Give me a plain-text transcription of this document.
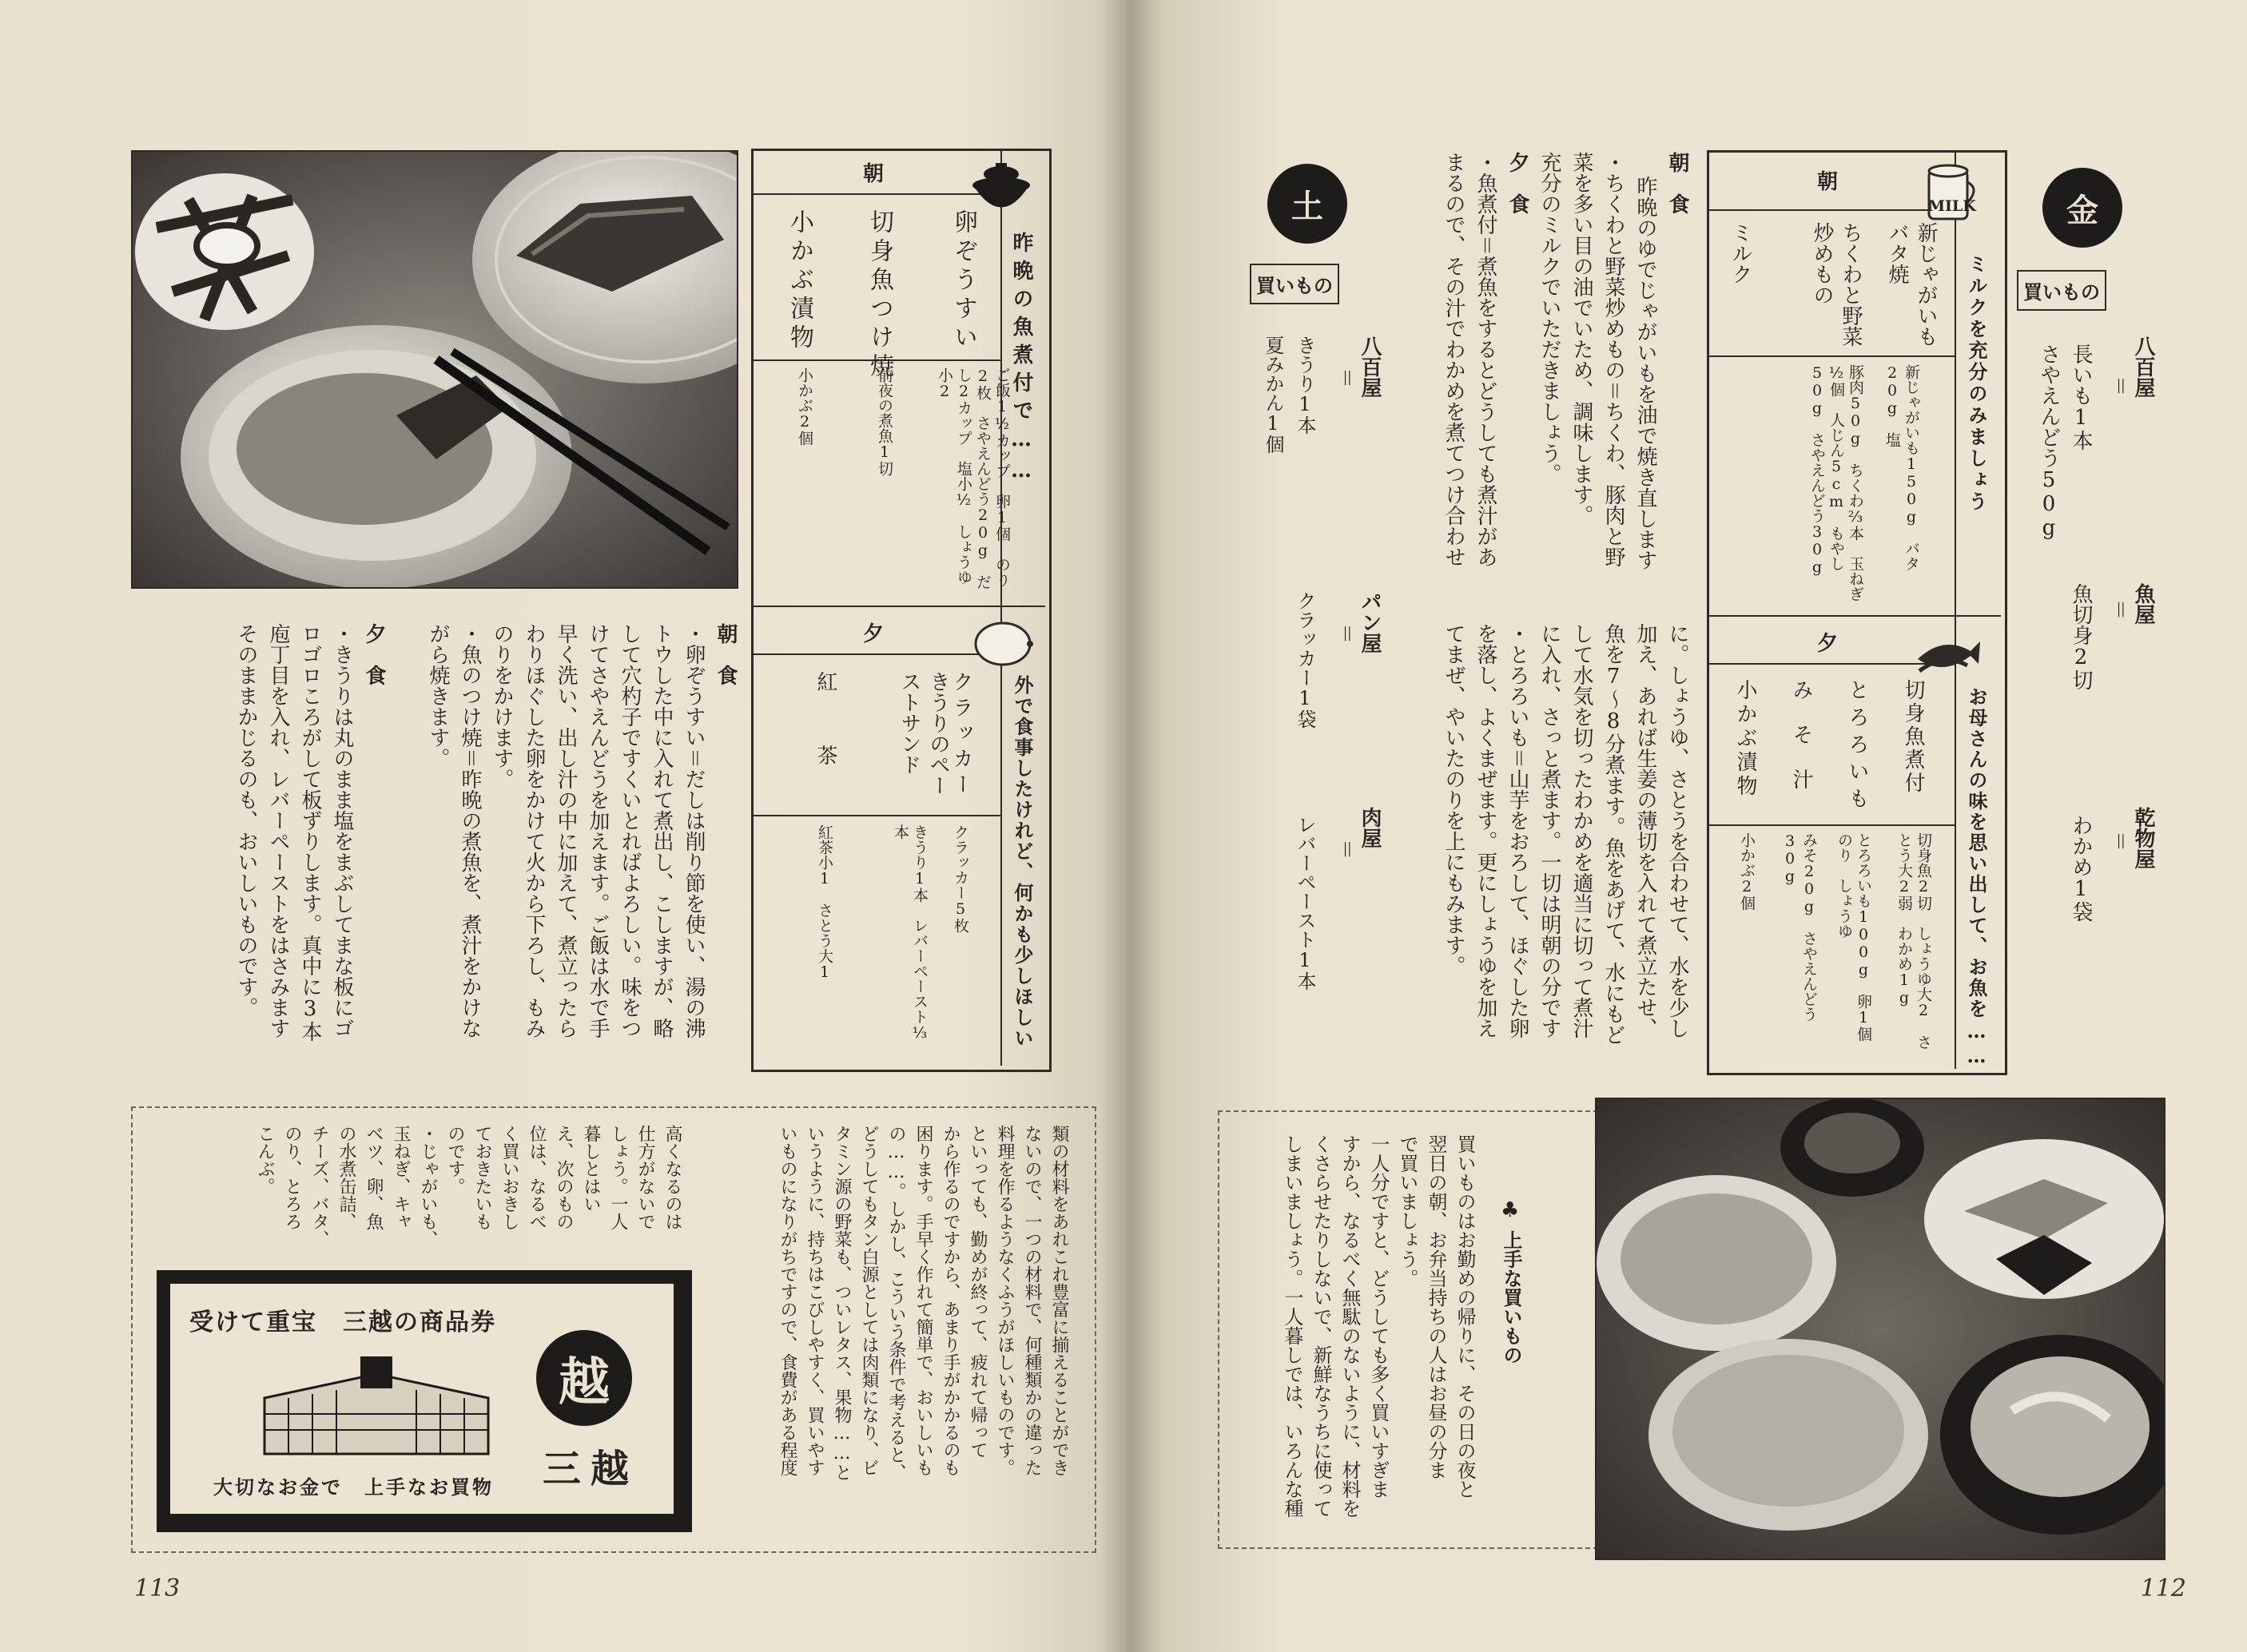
昨晩の魚煮付で……
朝
卵ぞうすい
切身魚つけ焼
小かぶ漬物
ご飯1½カップ　卵1個　のり2枚　さやえんどう20g　だし2カップ　塩小½　しょうゆ小2
前夜の煮魚1切
小かぶ2個
外で食事したけれど、何かも少しほしい
夕
クラッカー
きうりのペーストサンド
紅　茶
クラッカー5枚
きうり1本　レバーペースト⅓本
紅茶小1　さとう大1
朝　食
・卵ぞうすい＝だしは削り節を使い、湯の沸
トウした中に入れて煮出し、こしますが、略
して穴杓子ですくいとればよろしい。味をつ
けてさやえんどうを加えます。ご飯は水で手
早く洗い、出し汁の中に加えて、煮立ったら
わりほぐした卵をかけて火から下ろし、もみ
のりをかけます。
・魚のつけ焼＝昨晩の煮魚を、煮汁をかけな
がら焼きます。
夕　食
・きうりは丸のまま塩をまぶしてまな板にゴ
ロゴロころがして板ずりします。真中に3本
庖丁目を入れ、レバーペーストをはさみます
そのままかじるのも、おいしいものです。
類の材料をあれこれ豊富に揃えることができ
ないので、一つの材料で、何種類かの違った
料理を作るようなくふうがほしいものです。
といっても、勤めが終って、疲れて帰って
から作るのですから、あまり手がかかるのも
困ります。手早く作れて簡単で、おいしいも
の……。しかし、こういう条件で考えると、
どうしてもタン白源としては肉類になり、ビ
タミン源の野菜も、ついレタス、果物……と
いうように、持ちはこびしやすく、買いやす
いものになりがちですので、食費がある程度
高くなるのは
仕方がないで
しょう。一人
暮しとはい
え、次のもの
位は、なるべ
く買いおきし
ておきたいも
のです。
・じゃがいも、
玉ねぎ、キャ
ベツ、卵、魚
の水煮缶詰、
チーズ、バタ、
のり、とろろ
こんぶ。
受けて重宝　三越の商品券
越
三越
大切なお金で　上手なお買物
113
金
買いもの
八百屋
＝
長いも1本
さやえんどう50g
魚屋
＝
魚切身2切
乾物屋
＝
わかめ1袋
MILK
ミルクを充分のみましょう
朝
新じゃがいもバタ焼
ちくわと野菜炒めもの
ミルク
新じゃがいも150g　バタ20g　塩
豚肉50g　ちくわ⅔本　玉ねぎ½個　人じん5cm　もやし50g　さやえんどう30g
お母さんの味を思い出して、お魚を……
夕
切身魚煮付
とろろいも
みそ汁
小かぶ漬物
切身魚2切　しょうゆ大2　さとう大2弱　わかめ1g
とろろいも100g　卵1個　のり　しょうゆ
みそ20g　さやえんどう30g
小かぶ2個
朝　食
昨晩のゆでじゃがいもを油で焼き直します
・ちくわと野菜炒めもの＝ちくわ、豚肉と野
菜を多い目の油でいため、調味します。
充分のミルクでいただきましょう。
夕　食
・魚煮付＝煮魚をするとどうしても煮汁があ
まるので、その汁でわかめを煮てつけ合わせ
に。しょうゆ、さとうを合わせて、水を少し
加え、あれば生姜の薄切を入れて煮立たせ、
魚を7～8分煮ます。魚をあげて、水にもど
して水気を切ったわかめを適当に切って煮汁
に入れ、さっと煮ます。一切は明朝の分です
・とろろいも＝山芋をおろして、ほぐした卵
を落し、よくまぜます。更にしょうゆを加え
てまぜ、やいたのりを上にもみます。
土
買いもの
八百屋
＝
きうり1本
夏みかん1個
パン屋
＝
クラッカー1袋
肉屋
＝
レバーペースト1本
♣
上手な買いもの
買いものはお勤めの帰りに、その日の夜と
翌日の朝、お弁当持ちの人はお昼の分ま
で買いましょう。
一人分ですと、どうしても多く買いすぎま
すから、なるべく無駄のないように、材料を
くさらせたりしないで、新鮮なうちに使って
しまいましょう。一人暮しでは、いろんな種
112
